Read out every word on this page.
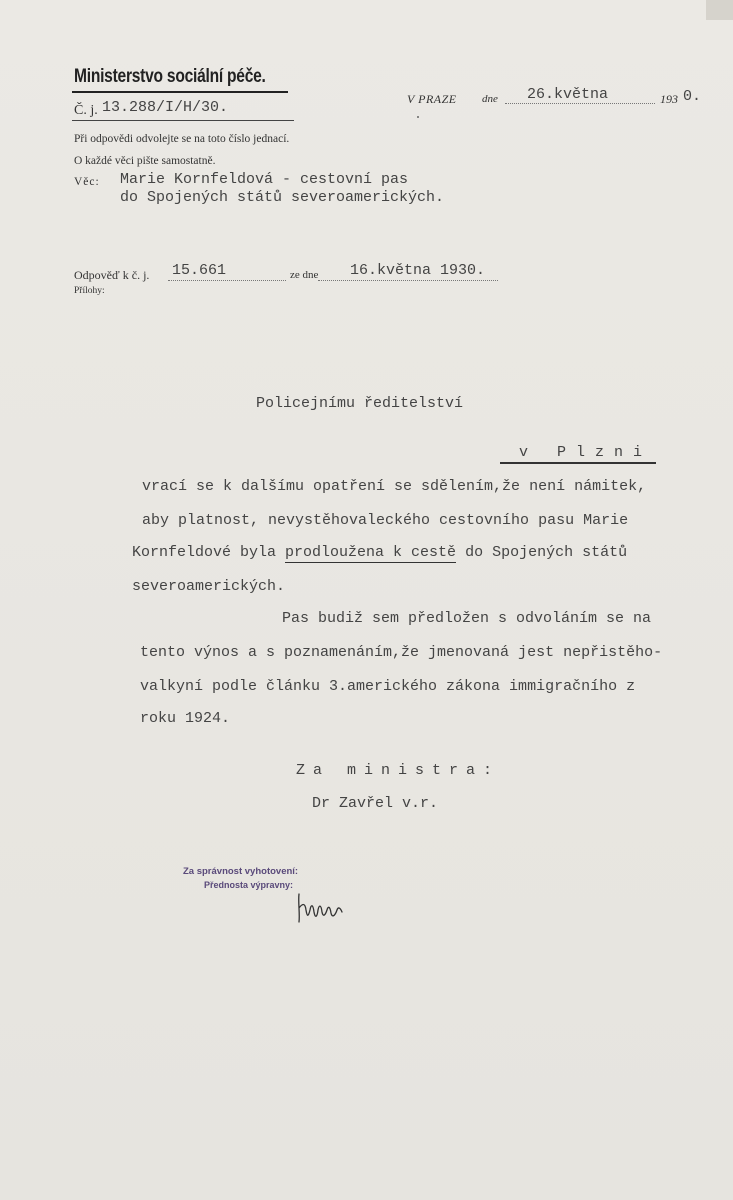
Ministerstvo sociální péče.
Č. j. 13.288/I/H/30.
Při odpovědi odvolejte se na toto číslo jednací.
O každé věci pište samostatně.
Věc: Marie Kornfeldová - cestovní pas
do Spojených států severoamerických.
V PRAZE dne 26.května	193 0.
Odpověď k č. j. 15.661	ze dne 16.května 1930.
Přílohy:
Policejnímu ředitelství
v Plzni
vrací se k dalšímu opatření se sdělením,že není námitek,
aby platnost, nevystěhovaleckého cestovního pasu Marie
Kornfeldové byla prodloužena k cestě do Spojených států
severoamerických.
Pas budiž sem předložen s odvoláním se na
tento výnos a s poznamenáním,že jmenovaná jest nepřistěho-
valkyní podle článku 3.amerického zákona immigračního z
roku 1924.
Za ministra:
Dr Zavřel v.r.
Za správnost vyhotovení:
Přednosta výpravny:
